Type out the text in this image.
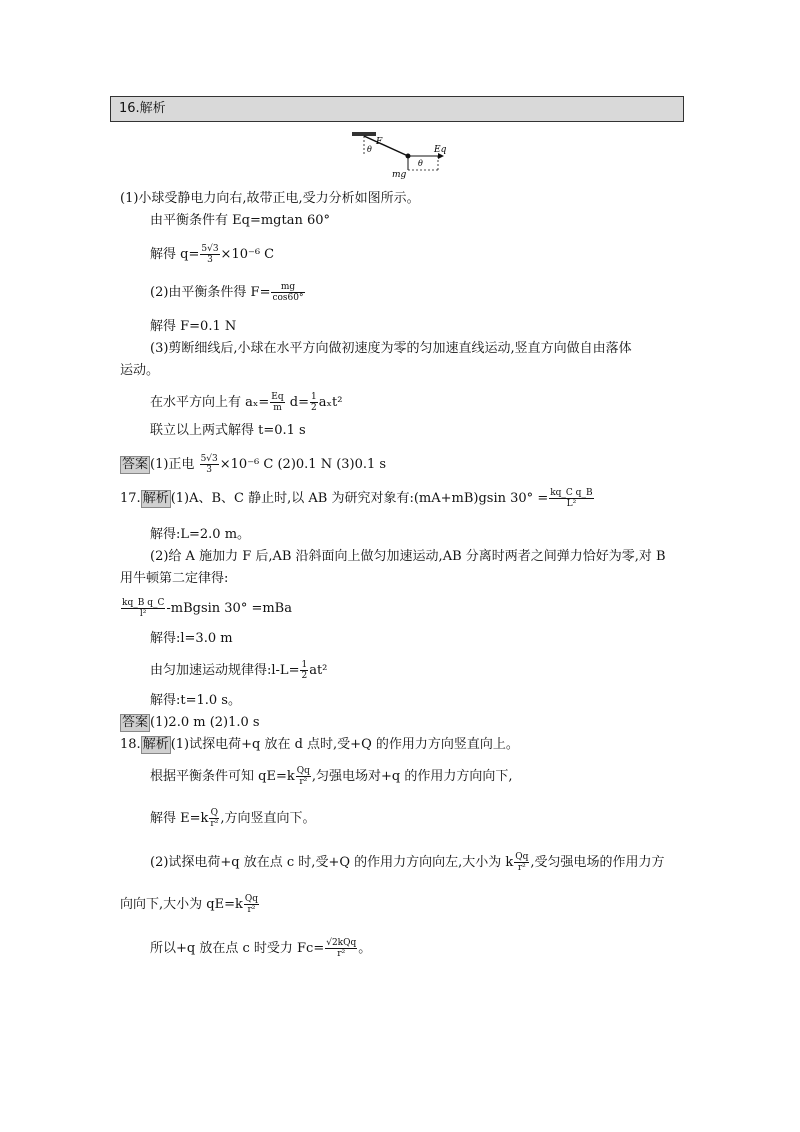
16.解析
F
θ
θ
Eq
mg
(1)小球受静电力向右,故带正电,受力分析如图所示。
由平衡条件有 Eq=mgtan 60°
解得 $q= \frac{5√3}{3} \times 10^{-6}$ C
(2)由平衡条件得 $F= \frac{mg}{\cos 60^\circ}$
解得 F=0.1 N
(3)剪断细线后,小球在水平方向做初速度为零的匀加速直线运动,竖直方向做自由落体
运动。
在水平方向上有 $a_x= \frac{Eq}{m} d= \frac{1}{2} a_xt^2$
联立以上两式解得 t=0.1 s
答案 (1)正电 $\frac{5√3}{3} \times 10^{-6}$ C (2)0.1 N (3)0.1 s
17. 解析 (1)A、B、C 静止时,以 AB 为研究对象有:(mA+mB)gsin $30^\circ = \frac{\text{kq\_C q\_B}}{\text{L²}}$
解得:L=2.0 m。
(2)给 A 施加力 F 后,AB 沿斜面向上做匀加速运动,AB 分离时两者之间弹力恰好为零,对 B
用牛顿第二定律得:
$\frac{\text{kq\_B q\_C}}{\text{l²}} -mBgsin$ 30° =mBa
解得:l=3.0 m
由匀加速运动规律得:l-L= $\frac{1}{2} at^2$
解得:t=1.0 s。
答案 (1)2.0 m (2)1.0 s
18. 解析 (1)试探电荷+q 放在 d 点时,受+Q 的作用力方向竖直向上。
根据平衡条件可知 $qE=k \frac{Qq}{\text{r²}}$ ,匀强电场对+q 的作用力方向向下,
解得 $E=k \frac{Q}{\text{r²}}$ ,方向竖直向下。
(2)试探电荷+q 放在点 c 时,受+Q 的作用力方向向左,大小为 k $\frac{Qq}{\text{r²}}$ ,受匀强电场的作用力方
向向下,大小为 $qE=k \frac{Qq}{\text{r²}}$
所以+q 放在点 c 时受力 $Fc= \frac{\text{√2kQq}}{\text{r²}}$ 。
